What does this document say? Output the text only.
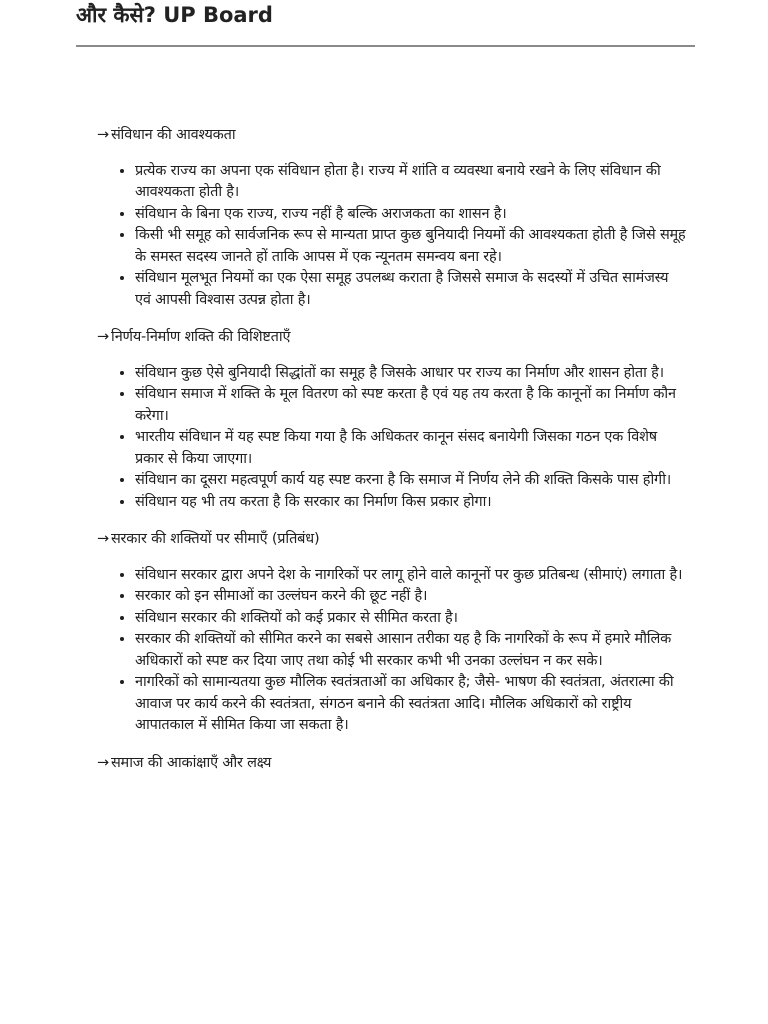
और कैसे? UP Board

→ संविधान की आवश्यकता

• प्रत्येक राज्य का अपना एक संविधान होता है। राज्य में शांति व व्यवस्था बनाये रखने के लिए संविधान की आवश्यकता होती है।
• संविधान के बिना एक राज्य, राज्य नहीं है बल्कि अराजकता का शासन है।
• किसी भी समूह को सार्वजनिक रूप से मान्यता प्राप्त कुछ बुनियादी नियमों की आवश्यकता होती है जिसे समूह के समस्त सदस्य जानते हों ताकि आपस में एक न्यूनतम समन्वय बना रहे।
• संविधान मूलभूत नियमों का एक ऐसा समूह उपलब्ध कराता है जिससे समाज के सदस्यों में उचित सामंजस्य एवं आपसी विश्वास उत्पन्न होता है।

→ निर्णय-निर्माण शक्ति की विशिष्टताएँ

• संविधान कुछ ऐसे बुनियादी सिद्धांतों का समूह है जिसके आधार पर राज्य का निर्माण और शासन होता है।
• संविधान समाज में शक्ति के मूल वितरण को स्पष्ट करता है एवं यह तय करता है कि कानूनों का निर्माण कौन करेगा।
• भारतीय संविधान में यह स्पष्ट किया गया है कि अधिकतर कानून संसद बनायेगी जिसका गठन एक विशेष प्रकार से किया जाएगा।
• संविधान का दूसरा महत्वपूर्ण कार्य यह स्पष्ट करना है कि समाज में निर्णय लेने की शक्ति किसके पास होगी।
• संविधान यह भी तय करता है कि सरकार का निर्माण किस प्रकार होगा।

→ सरकार की शक्तियों पर सीमाएँ (प्रतिबंध)

• संविधान सरकार द्वारा अपने देश के नागरिकों पर लागू होने वाले कानूनों पर कुछ प्रतिबन्ध (सीमाएं) लगाता है।
• सरकार को इन सीमाओं का उल्लंघन करने की छूट नहीं है।
• संविधान सरकार की शक्तियों को कई प्रकार से सीमित करता है।
• सरकार की शक्तियों को सीमित करने का सबसे आसान तरीका यह है कि नागरिकों के रूप में हमारे मौलिक अधिकारों को स्पष्ट कर दिया जाए तथा कोई भी सरकार कभी भी उनका उल्लंघन न कर सके।
• नागरिकों को सामान्यतया कुछ मौलिक स्वतंत्रताओं का अधिकार है; जैसे- भाषण की स्वतंत्रता, अंतरात्मा की आवाज पर कार्य करने की स्वतंत्रता, संगठन बनाने की स्वतंत्रता आदि। मौलिक अधिकारों को राष्ट्रीय आपातकाल में सीमित किया जा सकता है।

→ समाज की आकांक्षाएँ और लक्ष्य
